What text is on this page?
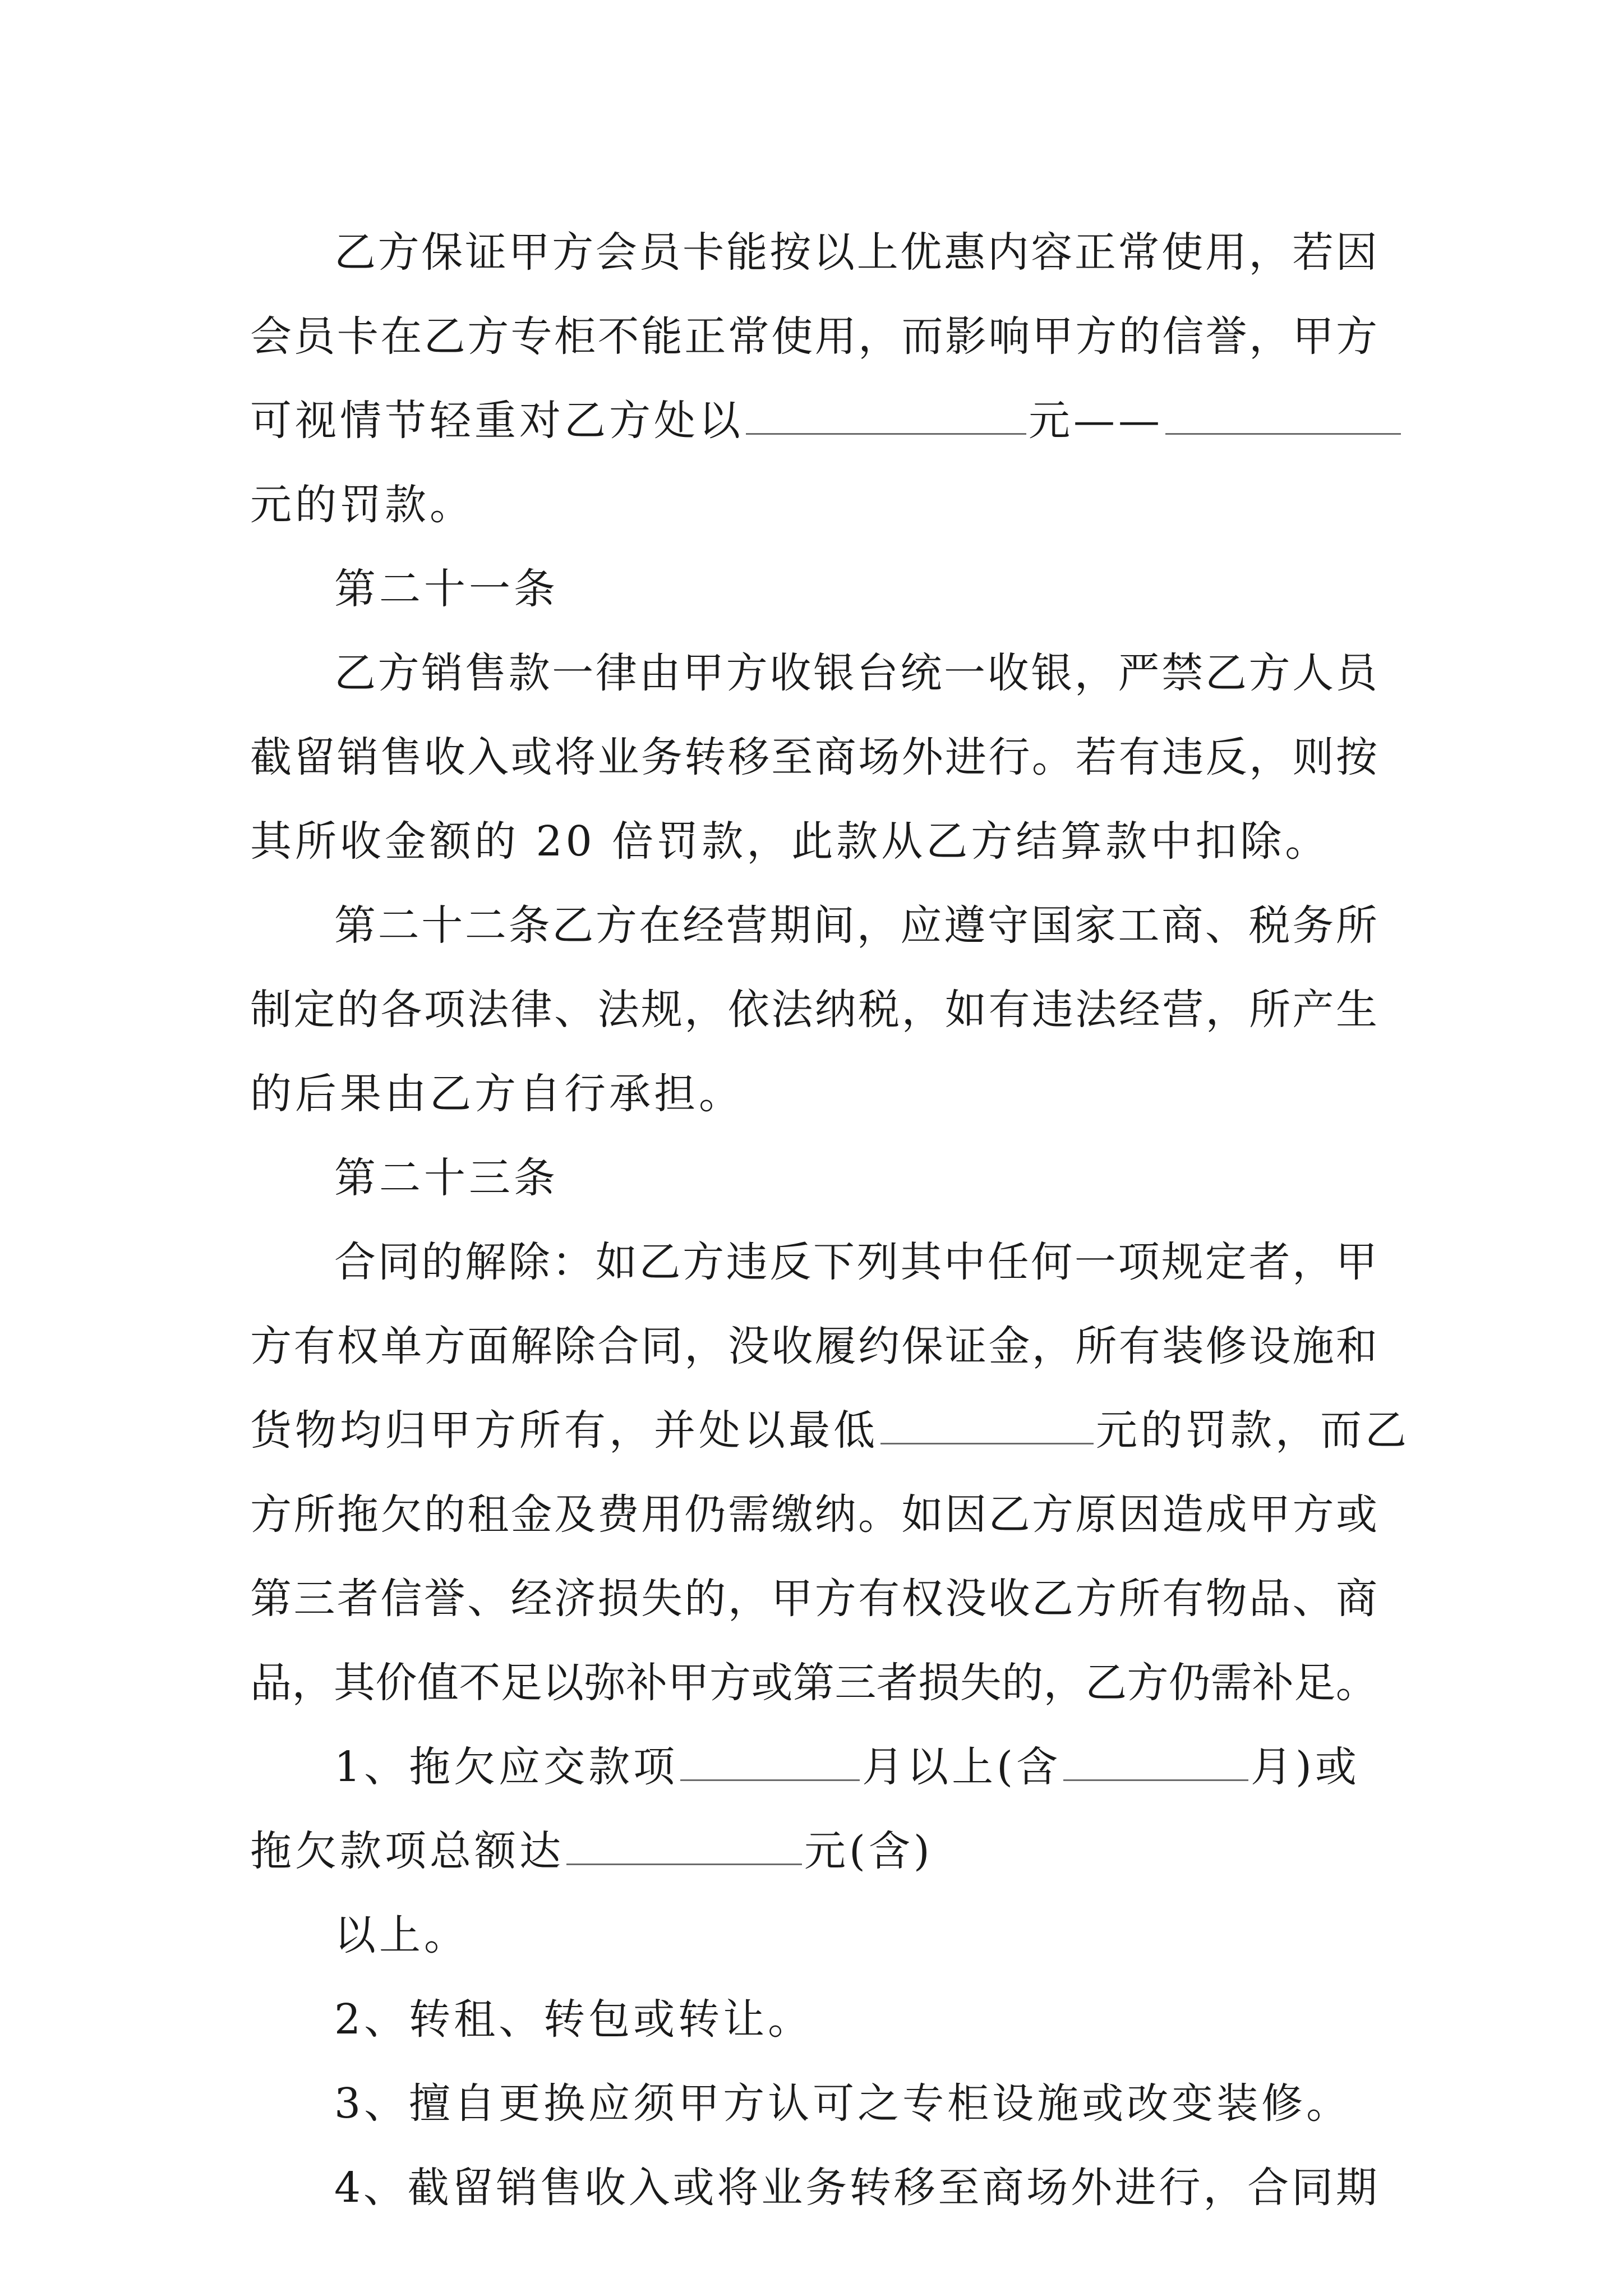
乙 方 保 证 甲 方 会 员 卡 能 按 以 上 优 惠 内 容 正 常 使 用 ， 若 因
会 员 卡 在 乙 方 专 柜 不 能 正 常 使 用 ， 而 影 响 甲 方 的 信 誉 ， 甲 方
可视情节轻重对乙方处以	元——
元的罚款。
第二十一条
乙 方 销 售 款 一 律 由 甲 方 收 银 台 统 一 收 银 ， 严 禁 乙 方 人 员
截 留 销 售 收 入 或 将 业 务 转 移 至 商 场 外 进 行 。 若 有 违 反 ， 则 按
其所收金额的 20 倍罚款，此款从乙方结算款中扣除。
第 二 十 二 条 乙 方 在 经 营 期 间 ， 应 遵 守 国 家 工 商 、 税 务 所
制 定 的 各 项 法 律 、 法 规 ， 依 法 纳 税 ， 如 有 违 法 经 营 ， 所 产 生
的后果由乙方自行承担。
第二十三条
合 同 的 解 除 ： 如 乙 方 违 反 下 列 其 中 任 何 一 项 规 定 者 ， 甲
方 有 权 单 方 面 解 除 合 同 ， 没 收 履 约 保 证 金 ， 所 有 装 修 设 施 和
货物均归甲方所有，并处以最低	元的罚款，而乙
方 所 拖 欠 的 租 金 及 费 用 仍 需 缴 纳 。 如 因 乙 方 原 因 造 成 甲 方 或
第 三 者 信 誉 、 经 济 损 失 的 ， 甲 方 有 权 没 收 乙 方 所 有 物 品 、 商
品 ， 其 价 值 不 足 以 弥 补 甲 方 或 第 三 者 损 失 的 ， 乙 方 仍 需 补 足 。
1、拖欠应交款项	月以上(含	月)或
拖欠款项总额达	元(含)
以上。
2、转租、转包或转让。
3、擅自更换应须甲方认可之专柜设施或改变装修。
4 、 截 留 销 售 收 入 或 将 业 务 转 移 至 商 场 外 进 行 ， 合 同 期
